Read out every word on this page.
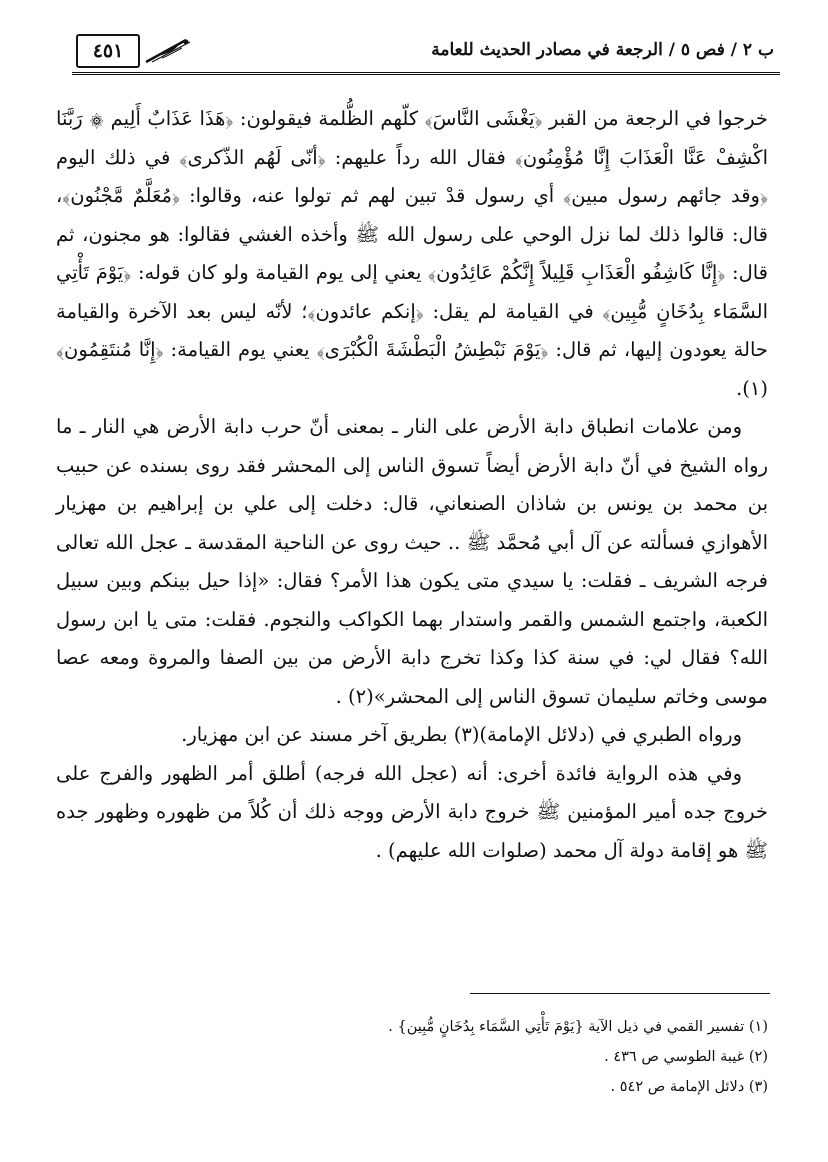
ب ٢ / فص ٥ / الرجعة في مصادر الحديث للعامة
٤٥١

خرجوا في الرجعة من القبر ﴿يَغْشَى النَّاسَ﴾ كلّهم الظُّلمة فيقولون: ﴿هَذَا عَذَابٌ أَلِيم ۞ رَبَّنَا اكْشِفْ عَنَّا الْعَذَابَ إِنَّا مُؤْمِنُون﴾ فقال الله رداً عليهم: ﴿أنّى لَهُم الذّكرى﴾ في ذلك اليوم ﴿وقد جائهم رسول مبين﴾ أي رسول قدْ تبين لهم ثم تولوا عنه، وقالوا: ﴿مُعَلَّمٌ مَّجْنُون﴾، قال: قالوا ذلك لما نزل الوحي على رسول الله ﷺ وأخذه الغشي فقالوا: هو مجنون، ثم قال: ﴿إِنَّا كَاشِفُو الْعَذَابِ قَلِيلاً إِنَّكُمْ عَائِدُون﴾ يعني إلى يوم القيامة ولو كان قوله: ﴿يَوْمَ تَأْتِي السَّمَاء بِدُخَانٍ مُّبِين﴾ في القيامة لم يقل: ﴿إنكم عائدون﴾؛ لأنّه ليس بعد الآخرة والقيامة حالة يعودون إليها، ثم قال: ﴿يَوْمَ نَبْطِشُ الْبَطْشَةَ الْكُبْرَى﴾ يعني يوم القيامة: ﴿إِنَّا مُنتَقِمُون﴾(١).

ومن علامات انطباق دابة الأرض على النار ـ بمعنى أنّ حرب دابة الأرض هي النار ـ ما رواه الشيخ في أنّ دابة الأرض أيضاً تسوق الناس إلى المحشر فقد روى بسنده عن حبيب بن محمد بن يونس بن شاذان الصنعاني، قال: دخلت إلى علي بن إبراهيم بن مهزيار الأهوازي فسألته عن آل أبي مُحمَّد ﷺ .. حيث روى عن الناحية المقدسة ـ عجل الله تعالى فرجه الشريف ـ فقلت: يا سيدي متى يكون هذا الأمر؟ فقال: «إذا حيل بينكم وبين سبيل الكعبة، واجتمع الشمس والقمر واستدار بهما الكواكب والنجوم. فقلت: متى يا ابن رسول الله؟ فقال لي: في سنة كذا وكذا تخرج دابة الأرض من بين الصفا والمروة ومعه عصا موسى وخاتم سليمان تسوق الناس إلى المحشر»(٢) .

ورواه الطبري في (دلائل الإمامة)(٣) بطريق آخر مسند عن ابن مهزيار.

وفي هذه الرواية فائدة أخرى: أنه (عجل الله فرجه) أطلق أمر الظهور والفرج على خروج جده أمير المؤمنين ﷺ خروج دابة الأرض ووجه ذلك أن كُلاً من ظهوره وظهور جده ﷺ هو إقامة دولة آل محمد (صلوات الله عليهم) .

(١) تفسير القمي في ذيل الآية {يَوْمَ تَأْتِي السَّمَاء بِدُخَانٍ مُّبِين} .
(٢) غيبة الطوسي ص ٤٣٦ .
(٣) دلائل الإمامة ص ٥٤٢ .
